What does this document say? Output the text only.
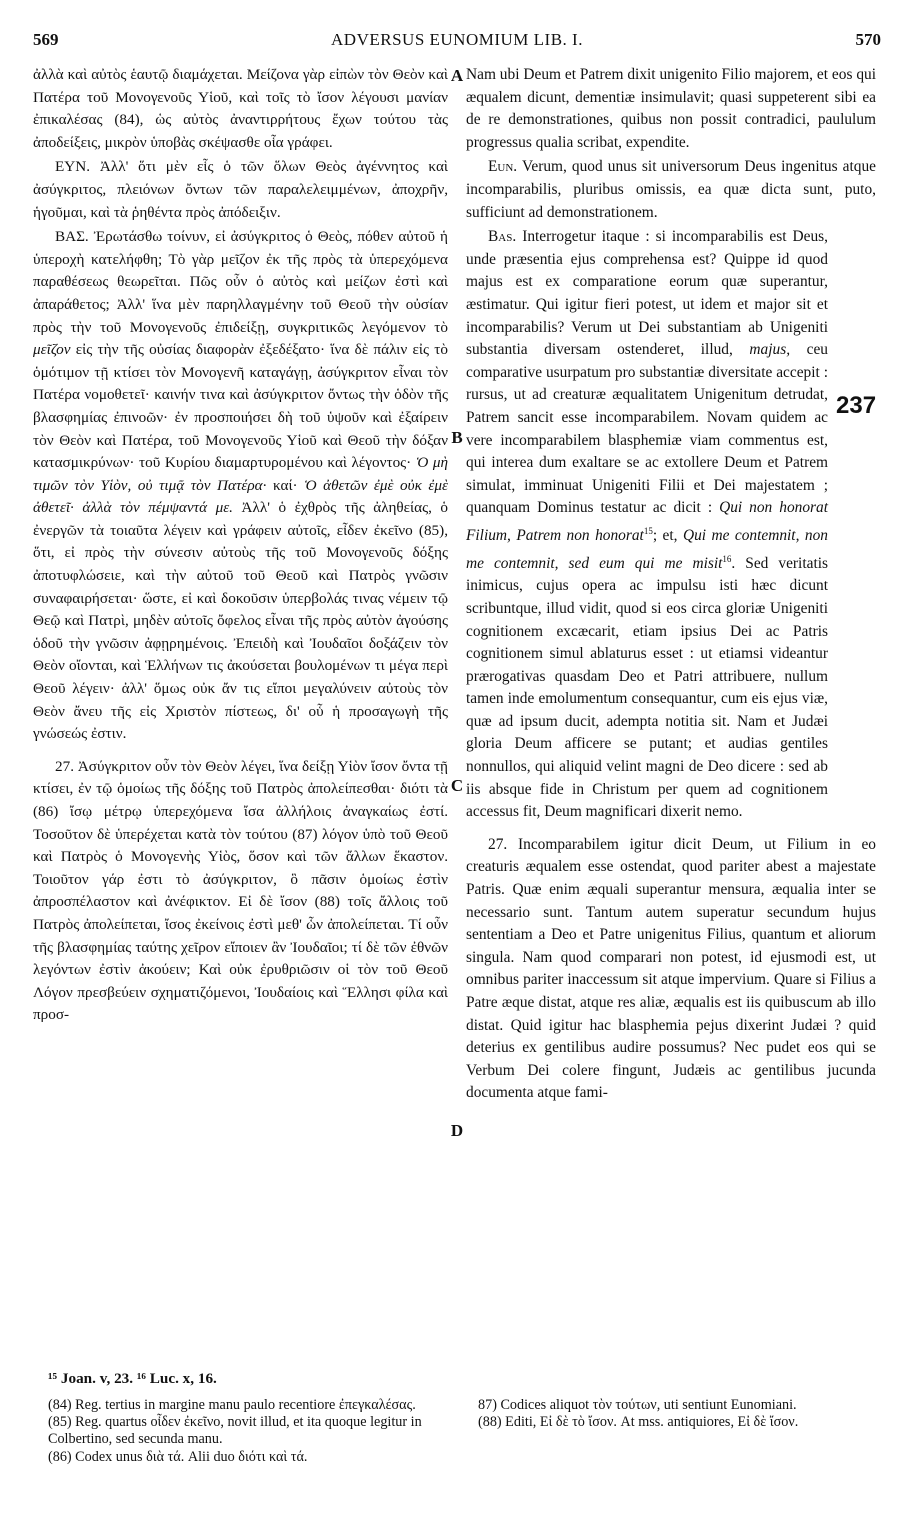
569	ADVERSUS EUNOMIUM LIB. I.	570

ἀλλὰ καὶ αὐτὸς ἑαυτῷ διαμάχεται. Μείζονα γὰρ εἰπὼν τὸν Θεὸν καὶ Πατέρα τοῦ Μονογενοῦς Υἱοῦ, καὶ τοῖς τὸ ἴσον λέγουσι μανίαν ἐπικαλέσας (84), ὡς αὐτὸς ἀναντιρρήτους ἔχων τούτου τὰς ἀποδείξεις, μικρὸν ὑποβὰς σκέψασθε οἷα γράφει.

ΕΥΝ. Ἀλλ' ὅτι μὲν εἷς ὁ τῶν ὅλων Θεὸς ἀγέννητος καὶ ἀσύγκριτος, πλειόνων ὄντων τῶν παραλελειμμένων, ἀποχρῆν, ἡγοῦμαι, καὶ τὰ ῥηθέντα πρὸς ἀπόδειξιν.

ΒΑΣ. Ἐρωτάσθω τοίνυν, εἰ ἀσύγκριτος ὁ Θεὸς, πόθεν αὐτοῦ ἡ ὑπεροχὴ κατελήφθη; Τὸ γὰρ μεῖζον ἐκ τῆς πρὸς τὰ ὑπερεχόμενα παραθέσεως θεωρεῖται. Πῶς οὖν ὁ αὐτὸς καὶ μείζων ἐστὶ καὶ ἀπαράθετος; Ἀλλ' ἵνα μὲν παρηλλαγμένην τοῦ Θεοῦ τὴν οὐσίαν πρὸς τὴν τοῦ Μονογενοῦς ἐπιδείξῃ, συγκριτικῶς λεγόμενον τὸ μεῖζον εἰς τὴν τῆς οὐσίας διαφορὰν ἐξεδέξατο· ἵνα δὲ πάλιν εἰς τὸ ὁμότιμον τῇ κτίσει τὸν Μονογενῆ καταγάγῃ, ἀσύγκριτον εἶναι τὸν Πατέρα νομοθετεῖ· καινήν τινα καὶ ἀσύγκριτον ὄντως τὴν ὁδὸν τῆς βλασφημίας ἐπινοῶν· ἐν προσποιήσει δὴ τοῦ ὑψοῦν καὶ ἐξαίρειν τὸν Θεὸν καὶ Πατέρα, τοῦ Μονογενοῦς Υἱοῦ καὶ Θεοῦ τὴν δόξαν κατασμικρύνων· τοῦ Κυρίου διαμαρτυρομένου καὶ λέγοντος· Ὁ μὴ τιμῶν τὸν Υἱὸν, οὐ τιμᾷ τὸν Πατέρα· καί· Ὁ ἀθετῶν ἐμὲ οὐκ ἐμὲ ἀθετεῖ· ἀλλὰ τὸν πέμψαντά με. Ἀλλ' ὁ ἐχθρὸς τῆς ἀληθείας, ὁ ἐνεργῶν τὰ τοιαῦτα λέγειν καὶ γράφειν αὐτοῖς, εἶδεν ἐκεῖνο (85), ὅτι, εἰ πρὸς τὴν σύνεσιν αὐτοὺς τῆς τοῦ Μονογενοῦς δόξης ἀποτυφλώσειε, καὶ τὴν αὐτοῦ τοῦ Θεοῦ καὶ Πατρὸς γνῶσιν συναφαιρήσεται· ὥστε, εἰ καὶ δοκοῦσιν ὑπερβολάς τινας νέμειν τῷ Θεῷ καὶ Πατρὶ, μηδὲν αὐτοῖς ὄφελος εἶναι τῆς πρὸς αὐτὸν ἀγούσης ὁδοῦ τὴν γνῶσιν ἀφῃρημένοις. Ἐπειδὴ καὶ Ἰουδαῖοι δοξάζειν τὸν Θεὸν οἴονται, καὶ Ἑλλήνων τις ἀκούσεται βουλομένων τι μέγα περὶ Θεοῦ λέγειν· ἀλλ' ὅμως οὐκ ἄν τις εἴποι μεγαλύνειν αὐτοὺς τὸν Θεὸν ἄνευ τῆς εἰς Χριστὸν πίστεως, δι' οὗ ἡ προσαγωγὴ τῆς γνώσεώς ἐστιν.

27. Ἀσύγκριτον οὖν τὸν Θεὸν λέγει, ἵνα δείξῃ Υἱὸν ἴσον ὄντα τῇ κτίσει, ἐν τῷ ὁμοίως τῆς δόξης τοῦ Πατρὸς ἀπολείπεσθαι· διότι τὰ (86) ἴσῳ μέτρῳ ὑπερεχόμενα ἴσα ἀλλήλοις ἀναγκαίως ἐστί. Τοσοῦτον δὲ ὑπερέχεται κατὰ τὸν τούτου (87) λόγον ὑπὸ τοῦ Θεοῦ καὶ Πατρὸς ὁ Μονογενὴς Υἱὸς, ὅσον καὶ τῶν ἄλλων ἕκαστον. Τοιοῦτον γάρ ἐστι τὸ ἀσύγκριτον, ὃ πᾶσιν ὁμοίως ἐστὶν ἀπροσπέλαστον καὶ ἀνέφικτον. Εἰ δὲ ἴσον (88) τοῖς ἄλλοις τοῦ Πατρὸς ἀπολείπεται, ἴσος ἐκείνοις ἐστὶ μεθ' ὧν ἀπολείπεται. Τί οὖν τῆς βλασφημίας ταύτης χεῖρον εἴποιεν ἂν Ἰουδαῖοι; τί δὲ τῶν ἐθνῶν λεγόντων ἐστὶν ἀκούειν; Καὶ οὐκ ἐρυθριῶσιν οἱ τὸν τοῦ Θεοῦ Λόγον πρεσβεύειν σχηματιζόμενοι, Ἰουδαίοις καὶ Ἕλλησι φίλα καὶ προσ-

Nam ubi Deum et Patrem dixit unigenito Filio majorem, et eos qui æqualem dicunt, dementiæ insimulavit; quasi suppeterent sibi ea de re demonstrationes, quibus non possit contradici, paululum progressus qualia scribat, expendite.

Eun. Verum, quod unus sit universorum Deus ingenitus atque incomparabilis, pluribus omissis, ea quæ dicta sunt, puto, sufficiunt ad demonstrationem.

Bas. Interrogetur itaque : si incomparabilis est Deus, unde præsentia ejus comprehensa est? Quippe id quod majus est ex comparatione eorum quæ superantur, æstimatur. Qui igitur fieri potest, ut idem et major sit et incomparabilis? Verum ut Dei substantiam ab Unigeniti substantia diversam ostenderet, illud, majus, ceu comparative usurpatum pro substantiæ diversitate accepit : rursus, ut ad creaturæ æqualitatem Unigenitum detrudat, Patrem sancit esse incomparabilem. Novam quidem ac vere incomparabilem blasphemiæ viam commentus est, qui interea dum exaltare se ac extollere Deum et Patrem simulat, imminuat Unigeniti Filii et Dei majestatem ; quanquam Dominus testatur ac dicit : Qui non honorat Filium, Patrem non honorat$^{15}$; et, Qui me contemnit, non me contemnit, sed eum qui me misit$^{16}$. Sed veritatis inimicus, cujus opera ac impulsu isti hæc dicunt scribuntque, illud vidit, quod si eos circa gloriæ Unigeniti cognitionem excæcarit, etiam ipsius Dei ac Patris cognitionem simul ablaturus esset : ut etiamsi videantur prærogativas quasdam Deo et Patri attribuere, nullum tamen inde emolumentum consequantur, cum eis ejus viæ, quæ ad ipsum ducit, adempta notitia sit. Nam et Judæi gloria Deum afficere se putant; et audias gentiles nonnullos, qui aliquid velint magni de Deo dicere : sed ab iis absque fide in Christum per quem ad cognitionem accessus fit, Deum magnificari dixerit nemo.

27. Incomparabilem igitur dicit Deum, ut Filium in eo creaturis æqualem esse ostendat, quod pariter abest a majestate Patris. Quæ enim æquali superantur mensura, æqualia inter se necessario sunt. Tantum autem superatur secundum hujus sententiam a Deo et Patre unigenitus Filius, quantum et aliorum singula. Nam quod comparari non potest, id ejusmodi est, ut omnibus pariter inaccessum sit atque impervium. Quare si Filius a Patre æque distat, atque res aliæ, æqualis est iis quibuscum ab illo distat. Quid igitur hac blasphemia pejus dixerint Judæi ? quid deterius ex gentilibus audire possumus? Nec pudet eos qui se Verbum Dei colere fingunt, Judæis ac gentilibus jucunda documenta atque fami-

A
B
C
D
237
¹⁵ Joan. v, 23. ¹⁶ Luc. x, 16.
(84) Reg. tertius in margine manu paulo recentiore ἐπεγκαλέσας.
(85) Reg. quartus οἶδεν ἐκεῖνο, novit illud, et ita quoque legitur in Colbertino, sed secunda manu.
(86) Codex unus διὰ τά. Alii duo διότι καὶ τά.
87) Codices aliquot τὸν τούτων, uti sentiunt Eunomiani.
(88) Editi, Εἰ δὲ τὸ ἴσον. At mss. antiquiores, Εἰ δὲ ἴσον.
